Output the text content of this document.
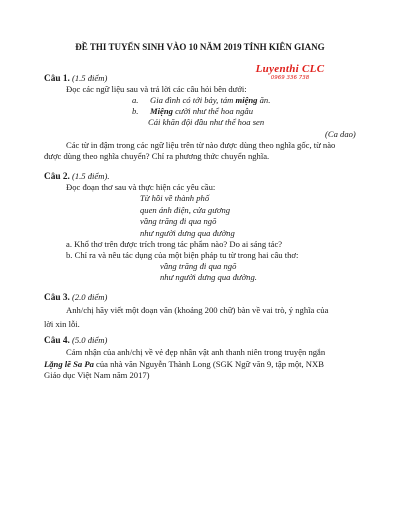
ĐỀ THI TUYỂN SINH VÀO 10 NĂM 2019 TỈNH KIÊN GIANG
Luyenthi CLC
0969 336 738
Câu 1. (1.5 điểm)

Đọc các ngữ liệu sau và trả lời các câu hỏi bên dưới:

a. Gia đình có tới bảy, tám miệng ăn.
b. Miệng cười như thể hoa ngâu
Cái khăn đội đầu như thể hoa sen
(Ca dao)

Các từ in đậm trong các ngữ liệu trên từ nào được dùng theo nghĩa gốc, từ nào

được dùng theo nghĩa chuyển? Chỉ ra phương thức chuyển nghĩa.

Câu 2. (1.5 điểm).

Đọc đoạn thơ sau và thực hiện các yêu cầu:

Từ hồi về thành phố
quen ánh điện, cửa gương
vầng trăng đi qua ngõ
như người dưng qua đường

a. Khổ thơ trên được trích trong tác phẩm nào? Do ai sáng tác?

b. Chỉ ra và nêu tác dụng của một biện pháp tu từ trong hai câu thơ:

vầng trăng đi qua ngõ
như người dưng qua đường.
Câu 3. (2.0 điểm)

Anh/chị hãy viết một đoạn văn (khoảng 200 chữ) bàn về vai trò, ý nghĩa của

lời xin lỗi.

Câu 4. (5.0 điểm)

Cảm nhận của anh/chị về vẻ đẹp nhân vật anh thanh niên trong truyện ngắn

Lặng lẽ Sa Pa của nhà văn Nguyễn Thành Long (SGK Ngữ văn 9, tập một, NXB

Giáo dục Việt Nam năm 2017)
